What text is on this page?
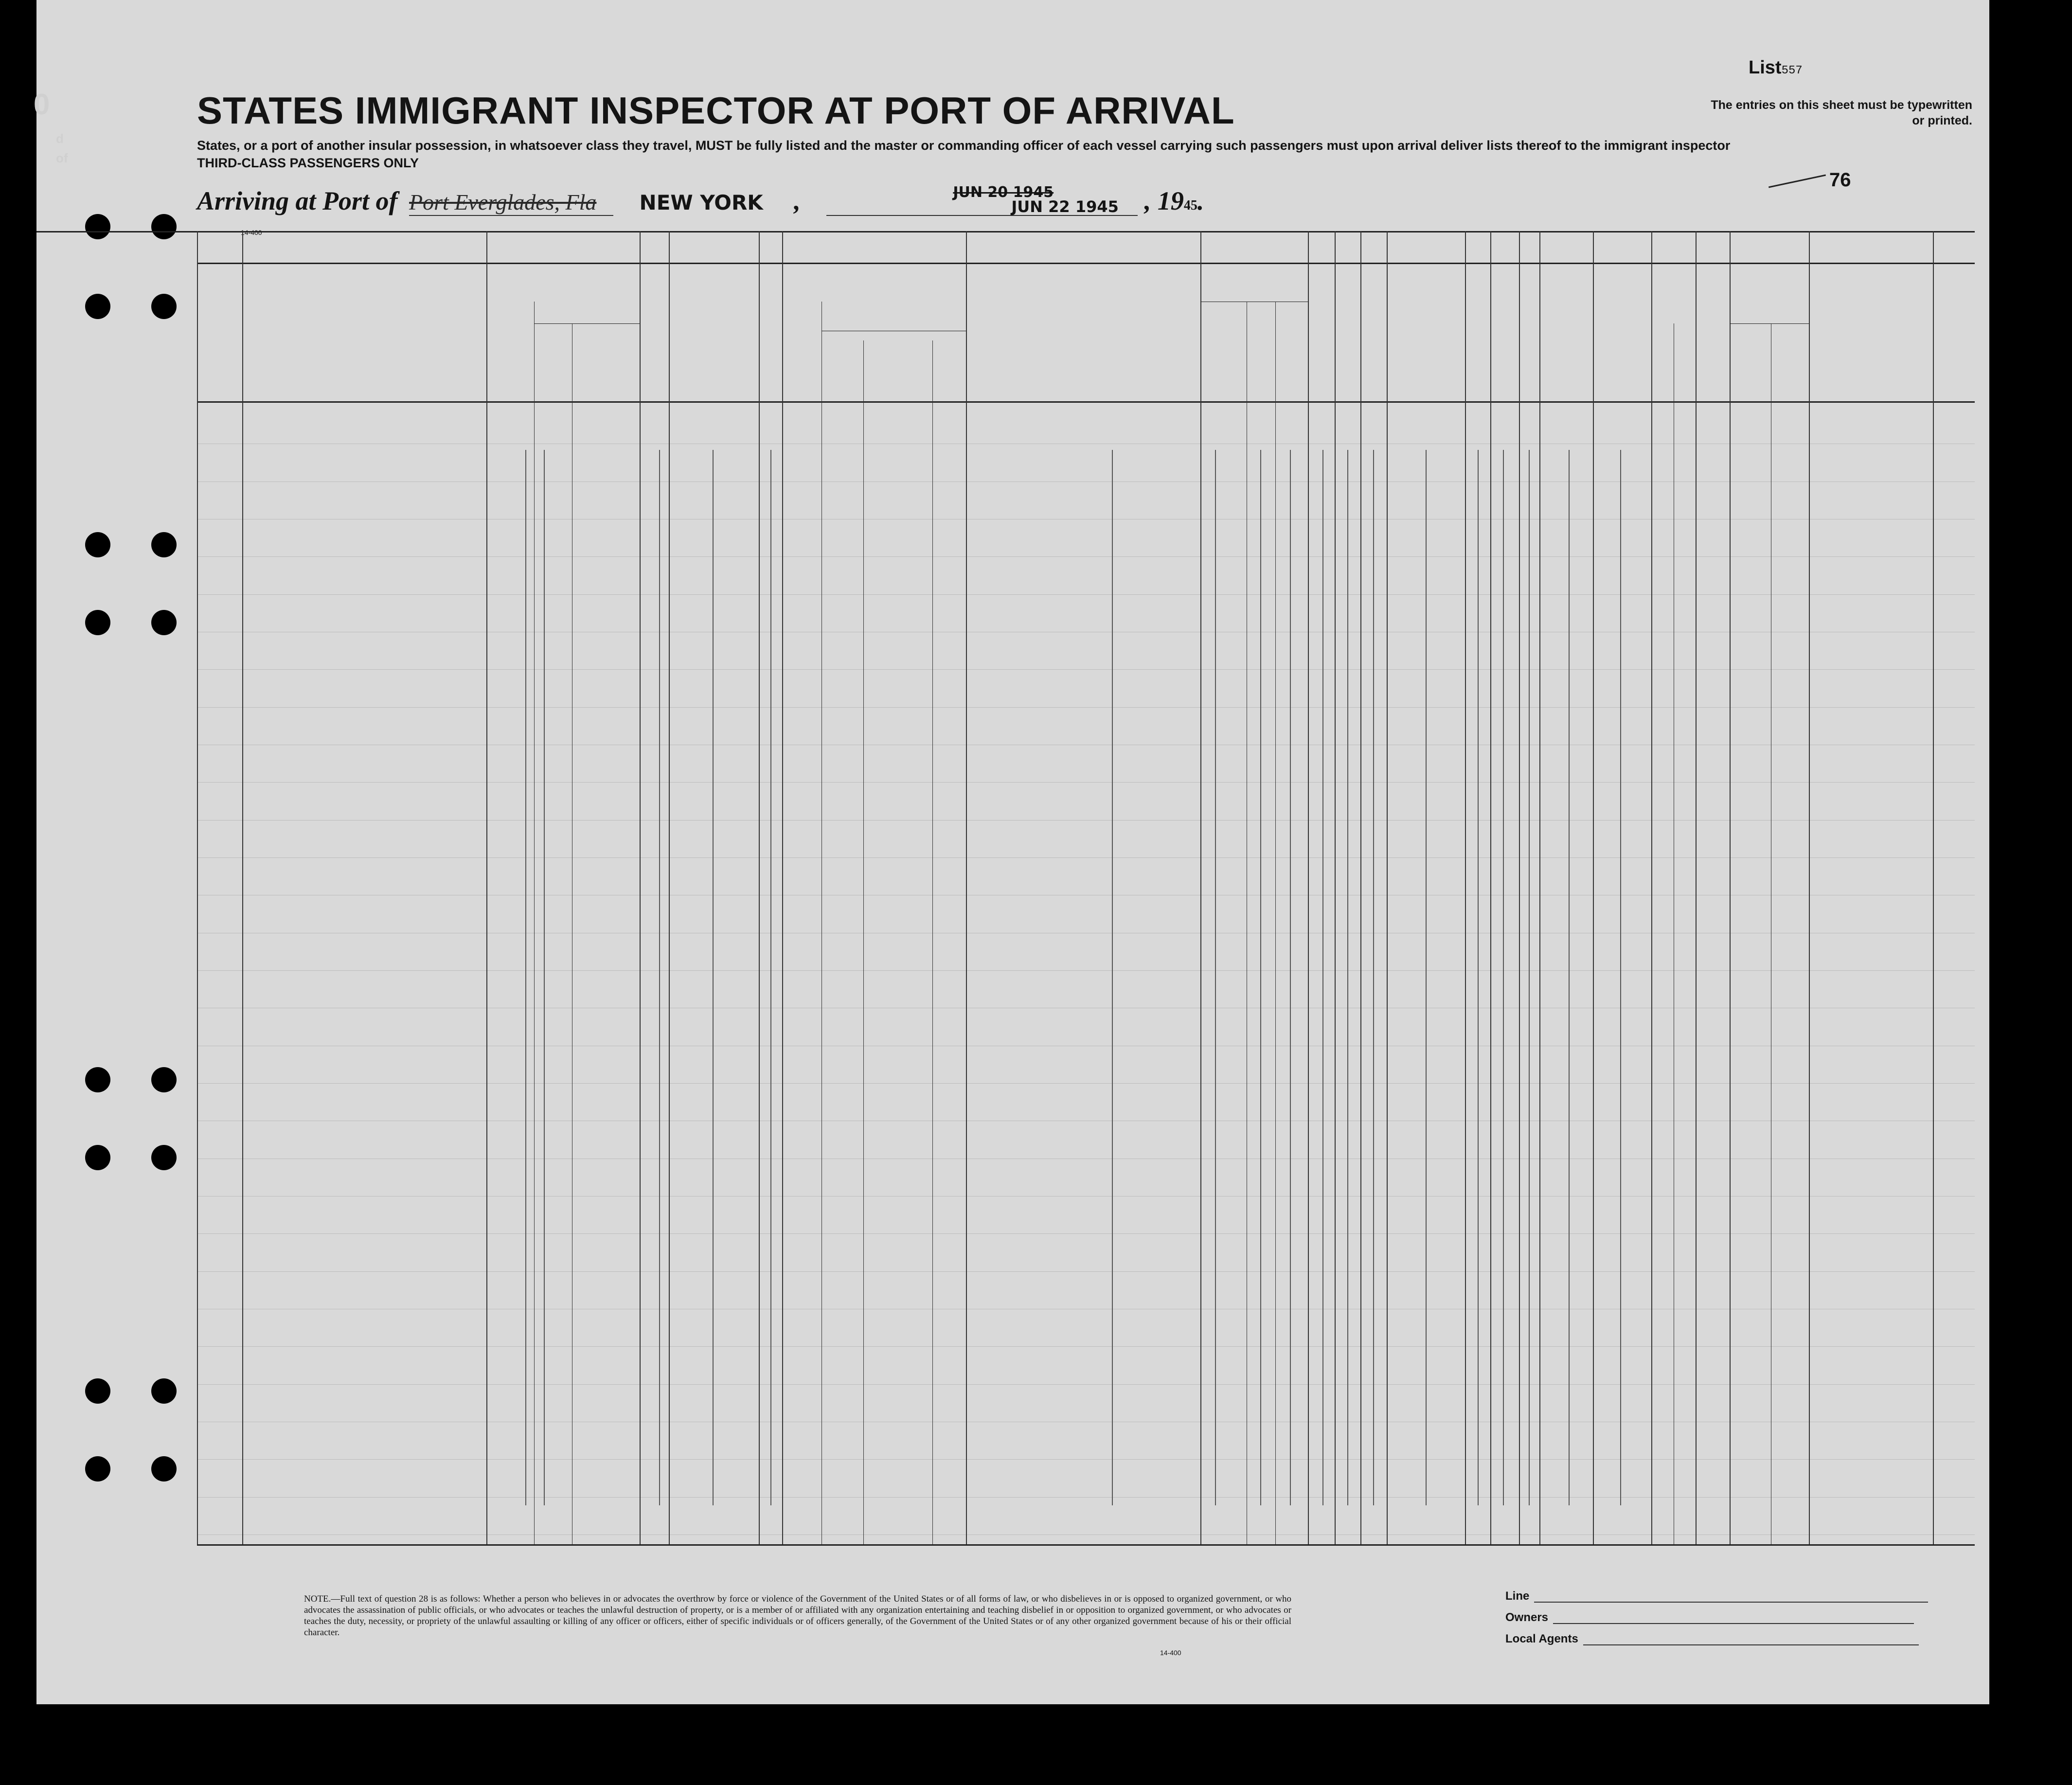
0
d
of
List557
STATES IMMIGRANT INSPECTOR AT PORT OF ARRIVAL	The entries on this sheet must be typewritten or printed.
States, or a port of another insular possession, in whatsoever class they travel, MUST be fully listed and the master or commanding officer of each vessel carrying such passengers must upon arrival deliver lists thereof to the immigrant inspector
THIRD-CLASS PASSENGERS ONLY
76
Arriving at Port of Port Everglades, Fla NEW YORK ,	JUN 20 1945
JUN 22 1945 , 1945.
14-400
NOTE.—Full text of question 28 is as follows: Whether a person who believes in or advocates the overthrow by force or violence of the Government of the United States or of all forms of law, or who disbelieves in or is opposed to organized government, or who advocates the assassination of public officials, or who advocates or teaches the unlawful destruction of property, or is a member of or affiliated with any organization entertaining and teaching disbelief in or opposition to organized government, or who advocates or teaches the duty, necessity, or propriety of the unlawful assaulting or killing of any officer or officers, either of specific individuals or of officers generally, of the Government of the United States or of any other organized government because of his or their official character.
14-400
Line
Owners
Local Agents
